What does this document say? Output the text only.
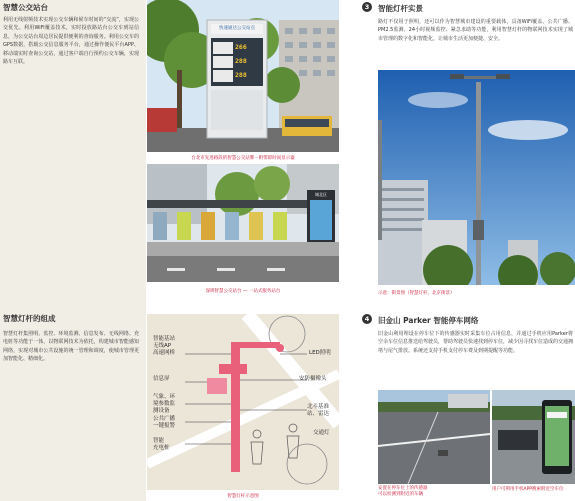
智慧公交站台
利用无线射频技术实现公交车辆和候车时间的“交流”，实现公交优先。利用WiFi覆盖技术，实时投放路站台公交车到站信息，为公交站台周边居民提供便利的查询服务。利用公交车的GPS数据，搭载公交信息服务平台，通过操作便民平台APP、移动端实时查询公交站，通过客户端自行预约公交车辆，实现路车互联。
智慧灯杆的组成
智慧灯杆集照明、监控、环境监测、信息发布、无线网络、充电桩等功能于一体，以物联网技术为依托，构建城市智能感知网络，实现对城市公共设施的统一管理和调度，使城市管理更加智能化、精细化。
快速通达公交站点
266
288
288
台北市先进路段的智慧公交站牌－附带即时间显示器
城北区
深圳智慧公交站台 — 一站式服务站台
智能基站
无线AP
高速网桥
信息屏
气象、环
境参数监
测设备
公共广播
一键报警
智能
充电桩
LED照明
安防摄像头
北斗基准
站、雷达
交通灯
智慧灯杆示意图
3	智能灯杆实景
路灯不仅用于照明，还可以作为智慧城市建设的重要载体，具备WiFi覆盖、公共广播、PM2.5监测、24小时视频监控、紧急求助等功能，利用智慧灯杆的物联网技术实现了城市管理的数字化和智能化，让城市生活更加便捷、安全。
示意：街景图（智慧灯杆、北京街景）
4	旧金山 Parker 智能停车网络
旧金山利用埋设在停车位下的传感器实时采集车位占用信息，并通过手机应用Parker将空余车位信息推送给驾驶员，帮助驾驶员快速找到停车位，减少因寻找车位造成的交通拥堵与尾气排放。系统还支持手机支付停车费及到期提醒等功能。
安置在停车位上的传感器
可以检测到附近的车辆
用户可利用手机APP搜索附近空车位
